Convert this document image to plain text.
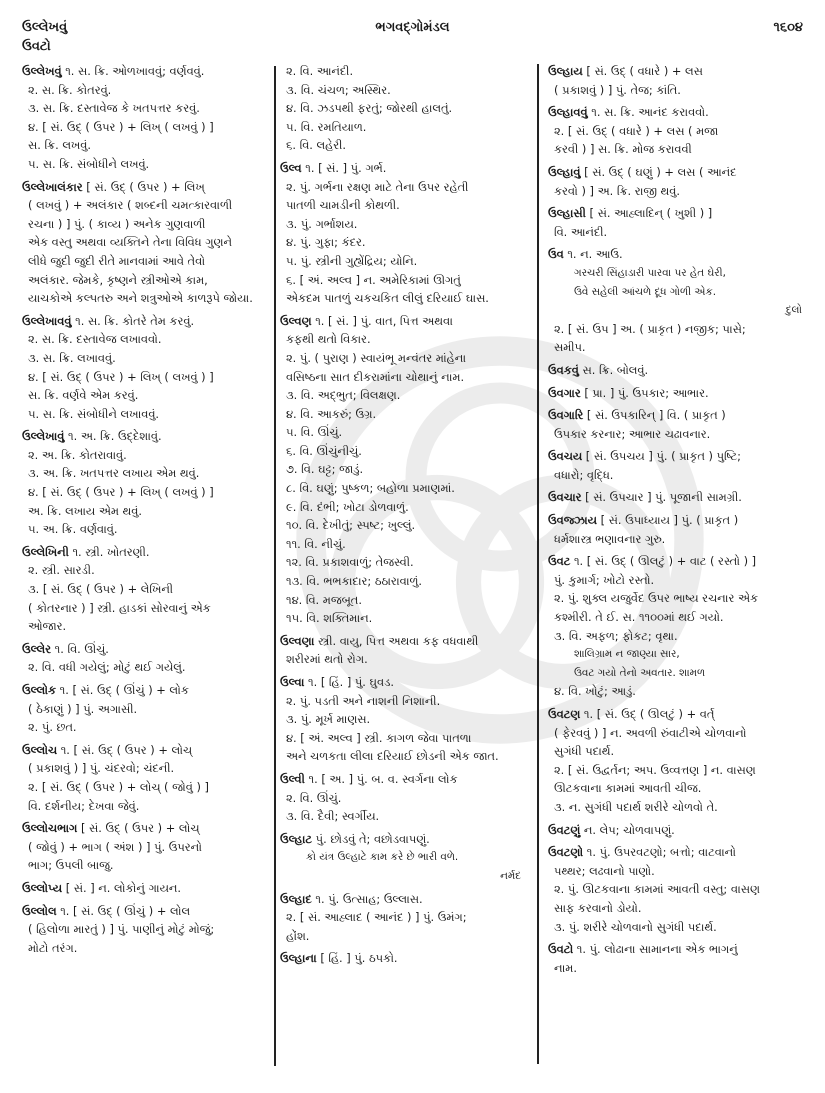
ઉલ્લેખવું
ઉવટો
ભગવદ્ગોમંડલ	૧૬૦૪
ઉલ્લેખવું ૧. સ. ક્રિ. ઓળખાવવું; વર્ણવવું.
૨. સ. ક્રિ. કોતરવું.
૩. સ. ક્રિ. દસ્તાવેજ કે ખતપત્તર કરવું.
૪. [ સં. ઉદ્ ( ઉપર ) + લિખ્ ( લખવું ) ]
સ. ક્રિ. લખવું.
૫. સ. ક્રિ. સંબોધીને લખવું.
ઉલ્લેખાલંકાર [ સં. ઉદ્ ( ઉપર ) + લિખ્
( લખવું ) + અલંકાર ( શબ્દની ચમત્કારવાળી
રચના ) ] પું. ( કાવ્ય ) અનેક ગુણવાળી
એક વસ્તુ અથવા વ્યક્તિને તેના વિવિધ ગુણને
લીધે જુદી જુદી રીતે માનવામાં આવે તેવો
અલંકાર. જેમકે, કૃષ્ણને સ્ત્રીઓએ કામ,
યાચકોએ કલ્પતરુ અને શત્રુઓએ કાળરૂપે જોયા.
ઉલ્લેખાવવું ૧. સ. ક્રિ. કોતરે તેમ કરવું.
૨. સ. ક્રિ. દસ્તાવેજ લખાવવો.
૩. સ. ક્રિ. લખાવવું.
૪. [ સં. ઉદ્ ( ઉપર ) + લિખ્ ( લખવું ) ]
સ. ક્રિ. વર્ણવે એમ કરવું.
૫. સ. ક્રિ. સંબોધીને લખાવવું.
ઉલ્લેખાવું ૧. અ. ક્રિ. ઉદ્દેશાવું.
૨. અ. ક્રિ. કોતરાવાવું.
૩. અ. ક્રિ. ખતપત્તર લખાય એમ થવું.
૪. [ સં. ઉદ્ ( ઉપર ) + લિખ્ ( લખવું ) ]
અ. ક્રિ. લખાય એમ થવું.
૫. અ. ક્રિ. વર્ણવાવું.
ઉલ્લેખિની ૧. સ્ત્રી. ખોતરણી.
૨. સ્ત્રી. સારડી.
૩. [ સં. ઉદ્ ( ઉપર ) + લેખિની
( કોતરનાર ) ] સ્ત્રી. હાડકાં સોરવાનું એક
ઓજાર.
ઉલ્લેર ૧. વિ. ઊંચું.
૨. વિ. વધી ગયેલું; મોટું થઈ ગયેલું.
ઉલ્લોક ૧. [ સં. ઉદ્ ( ઊંચું ) + લોક
( ઠેકાણું ) ] પું. અગાસી.
૨. પું. છત.
ઉલ્લોચ ૧. [ સં. ઉદ્ ( ઉપર ) + લોચ્
( પ્રકાશવું ) ] પું. ચંદરવો; ચંદની.
૨. [ સં. ઉદ્ ( ઉપર ) + લોચ્ ( જોવું ) ]
વિ. દર્શનીય; દેખવા જેવું.
ઉલ્લોચભાગ [ સં. ઉદ્ ( ઉપર ) + લોચ્
( જોવું ) + ભાગ ( અંશ ) ] પું. ઉપરનો
ભાગ; ઉપલી બાજુ.
ઉલ્લોપ્ય [ સં. ] ન. લોકોનું ગાયન.
ઉલ્લોલ ૧. [ સં. ઉદ્ ( ઊંચું ) + લોલ
( હિલોળા મારતું ) ] પું. પાણીનું મોટું મોજું;
મોટો તરંગ.
૨. વિ. આનંદી.
૩. વિ. ચંચળ; અસ્થિર.
૪. વિ. ઝડપથી ફરતું; જોરથી હાલતું.
૫. વિ. રમતિયાળ.
૬. વિ. લહેરી.
ઉલ્વ ૧. [ સં. ] પું. ગર્ભ.
૨. પું. ગર્ભના રક્ષણ માટે તેના ઉપર રહેતી
પાતળી ચામડીની કોથળી.
૩. પું. ગર્ભાશય.
૪. પું. ગુફા; કંદર.
૫. પું. સ્ત્રીની ગુહ્યેંદ્રિય; યોનિ.
૬. [ અં. અલ્વ ] ન. અમેરિકામાં ઊગતું
એકદમ પાતળું ચકચકિત લીલું દરિયાઈ ઘાસ.
ઉલ્વણ ૧. [ સં. ] પું. વાત, પિત્ત અથવા
કફથી થતો વિકાર.
૨. પું. ( પુરાણ ) સ્વાયંભૂ મન્વંતર માંહેના
વસિષ્ઠના સાત દીકરામાંના ચોથાનું નામ.
૩. વિ. અદ્ભુત; વિલક્ષણ.
૪. વિ. આકરું; ઉગ્ર.
૫. વિ. ઊંચું.
૬. વિ. ઊંચુંનીચું.
૭. વિ. ઘટ્ટ; જાડું.
૮. વિ. ઘણું; પુષ્કળ; બહોળા પ્રમાણમાં.
૯. વિ. દંભી; ખોટા ડોળવાળું.
૧૦. વિ. દેખીતું; સ્પષ્ટ; ખુલ્લું.
૧૧. વિ. નીચું.
૧૨. વિ. પ્રકાશવાળું; તેજસ્વી.
૧૩. વિ. ભભકાદાર; ઠઠારાવાળું.
૧૪. વિ. મજબૂત.
૧૫. વિ. શક્તિમાન.
ઉલ્વણા સ્ત્રી. વાયુ, પિત્ત અથવા કફ વધવાથી
શરીરમાં થતો રોગ.
ઉલ્વા ૧. [ હિં. ] પું. ઘુવડ.
૨. પું. પડતી અને નાશની નિશાની.
૩. પું. મૂર્ખ માણસ.
૪. [ અં. અલ્વ ] સ્ત્રી. કાગળ જેવા પાતળા
અને ચળકતા લીલા દરિયાઈ છોડની એક જાત.
ઉલ્વી ૧. [ અ. ] પું. બ. વ. સ્વર્ગના લોક
૨. વિ. ઊંચું.
૩. વિ. દૈવી; સ્વર્ગીય.
ઉલ્હાટ પું. છોડવું તે; વછોડવાપણું.
કો યંત્ર ઉલ્હાટે કામ કરે છે ભારી વળે.
નર્મદ
ઉલ્હાદ ૧. પું. ઉત્સાહ; ઉલ્લાસ.
૨. [ સં. આહ્લાદ ( આનંદ ) ] પું. ઉમંગ;
હોંશ.
ઉલ્હાના [ હિં. ] પું. ઠપકો.
ઉલ્હાય [ સં. ઉદ્ ( વધારે ) + લસ
( પ્રકાશવું ) ] પું. તેજ; કાંતિ.
ઉલ્હાવવું ૧. સ. ક્રિ. આનંદ કરાવવો.
૨. [ સં. ઉદ્ ( વધારે ) + લસ ( મજા
કરવી ) ] સ. ક્રિ. મોજ કરાવવી
ઉલ્હાવું [ સં. ઉદ્ ( ઘણું ) + લસ ( આનંદ
કરવો ) ] અ. ક્રિ. રાજી થવું.
ઉલ્હાસી [ સં. આહ્લાદિન્ ( ખુશી ) ]
વિ. આનંદી.
ઉવ ૧. ન. આઉ.
ગરચરી સિંહાડારી પારવા પર હેત ઘેરી,
ઉવે સહેલી આંચળે દૂધ ગોળી એક.
દુલો
૨. [ સં. ઉપ ] અ. ( પ્રાકૃત ) નજીક; પાસે;
સમીપ.
ઉવકવું સ. ક્રિ. બોલવું.
ઉવગાર [ પ્રા. ] પું. ઉપકાર; આભાર.
ઉવગારિ [ સં. ઉપકારિન્ ] વિ. ( પ્રાકૃત )
ઉપકાર કરનાર; આભાર ચઢાવનાર.
ઉવચય [ સં. ઉપચય ] પું. ( પ્રાકૃત ) પુષ્ટિ;
વધારો; વૃદ્ધિ.
ઉવચાર [ સં. ઉપચાર ] પું. પૂજાની સામગ્રી.
ઉવજ્ઝાય [ સં. ઉપાધ્યાય ] પું. ( પ્રાકૃત )
ધર્મશાસ્ત્ર ભણાવનાર ગુરુ.
ઉવટ ૧. [ સં. ઉદ્ ( ઊલટું ) + વાટ ( રસ્તો ) ]
પું. કુમાર્ગ; ખોટો રસ્તો.
૨. પું. શુક્લ યજુર્વેદ ઉપર ભાષ્ય રચનાર એક
કશ્મીરી. તે ઈ. સ. ૧૧૦૦માં થઈ ગયો.
૩. વિ. અફળ; ફોકટ; વૃથા.
શાલિગ્રામ ન જાણ્યા સાર,
ઉવટ ગયો તેનો અવતાર. શામળ
૪. વિ. ખોટું; આડું.
ઉવટણ ૧. [ સં. ઉદ્ ( ઊલટું ) + વર્ત્
( ફેરવવું ) ] ન. અવળી રુંવાટીએ ચોળવાનો
સુગંધી પદાર્થ.
૨. [ સં. ઉદ્વર્તન; અપ. ઉવ્વત્તણ ] ન. વાસણ
ઊટકવાના કામમાં આવતી ચીજ.
૩. ન. સુગંધી પદાર્થ શરીરે ચોળવો તે.
ઉવટણું ન. લેપ; ચોળવાપણું.
ઉવટણો ૧. પું. ઉપરવટણો; બત્તો; વાટવાનો
પથ્થર; લઢવાનો પાણો.
૨. પું. ઊટકવાના કામમાં આવતી વસ્તુ; વાસણ
સાફ કરવાનો ડોયો.
૩. પું. શરીરે ચોળવાનો સુગંધી પદાર્થ.
ઉવટો ૧. પું. લોઢાના સામાનના એક ભાગનું
નામ.
